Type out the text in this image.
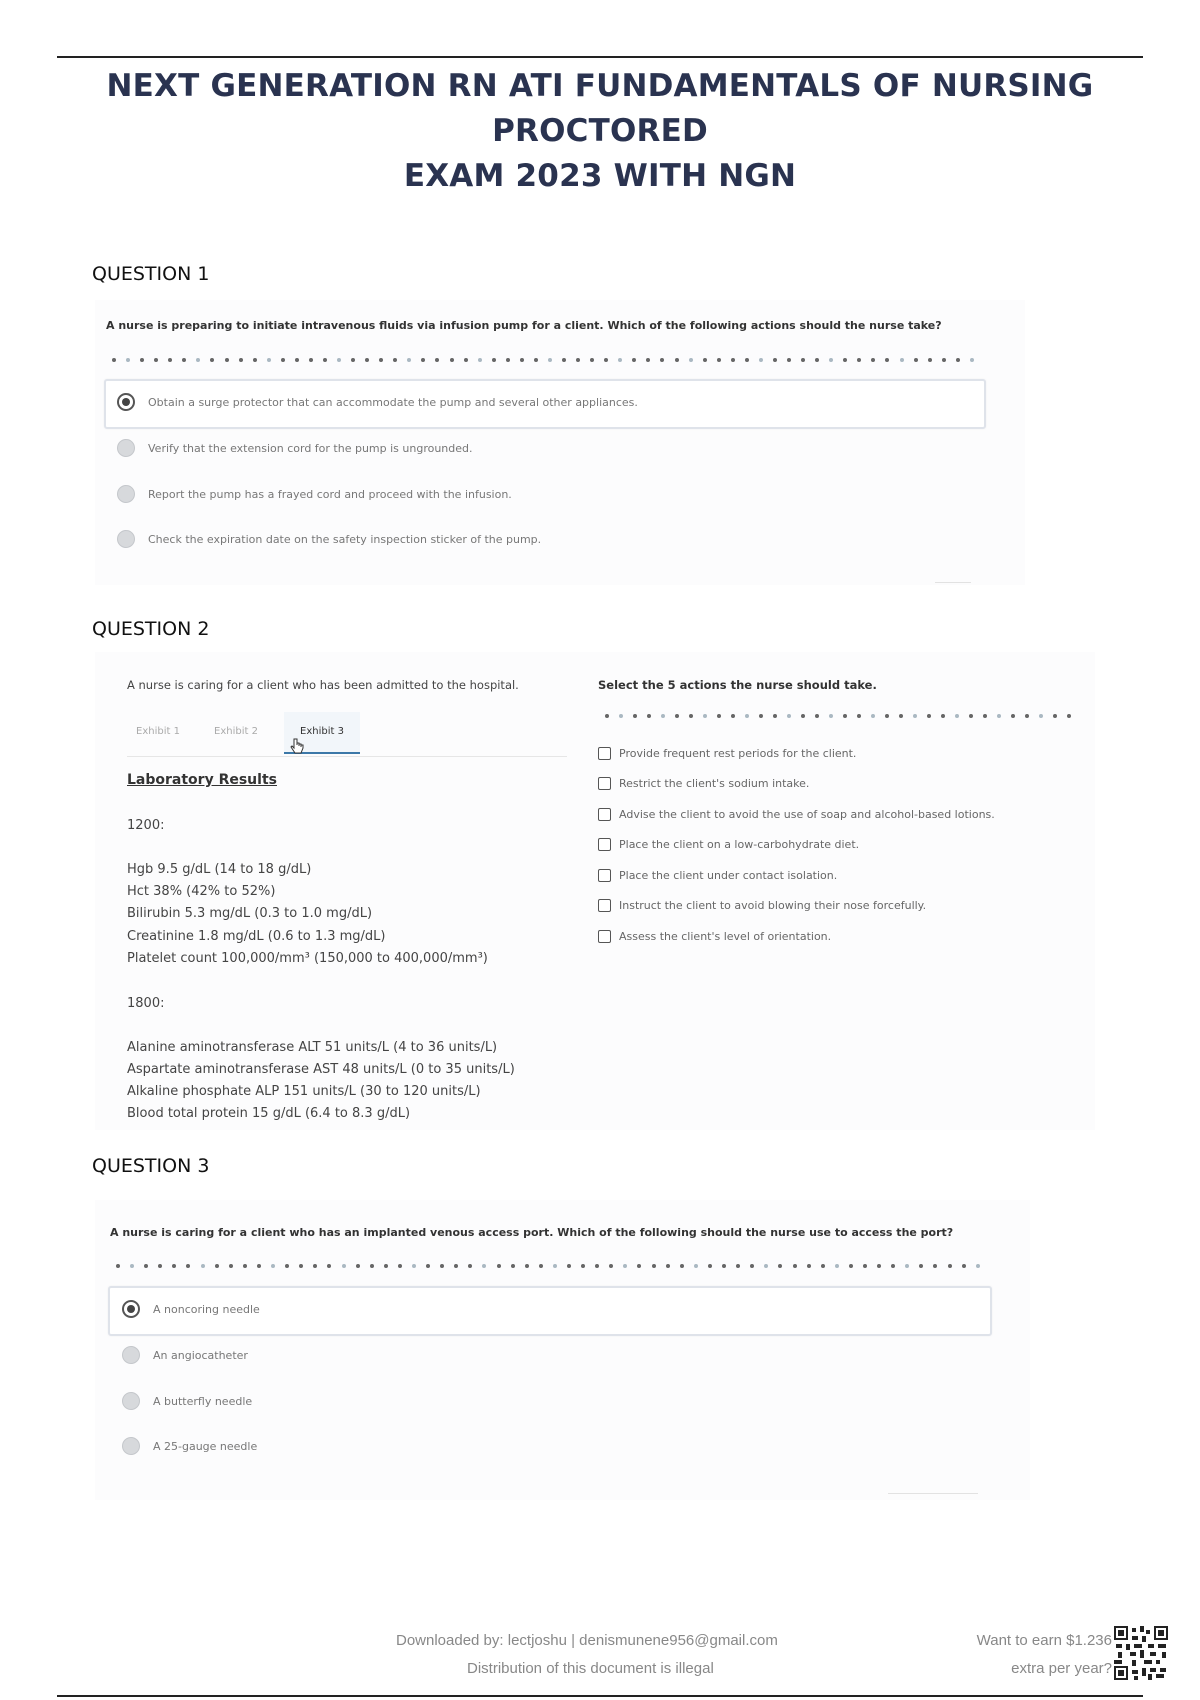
NEXT GENERATION RN ATI FUNDAMENTALS OF NURSING PROCTORED
EXAM 2023 WITH NGN
QUESTION 1
A nurse is preparing to initiate intravenous fluids via infusion pump for a client. Which of the following actions should the nurse take?
Obtain a surge protector that can accommodate the pump and several other appliances.
Verify that the extension cord for the pump is ungrounded.
Report the pump has a frayed cord and proceed with the infusion.
Check the expiration date on the safety inspection sticker of the pump.
QUESTION 2
A nurse is caring for a client who has been admitted to the hospital.
Exhibit 1	Exhibit 2	Exhibit 3
Laboratory Results
1200:
Hgb 9.5 g/dL (14 to 18 g/dL)
Hct 38% (42% to 52%)
Bilirubin 5.3 mg/dL (0.3 to 1.0 mg/dL)
Creatinine 1.8 mg/dL (0.6 to 1.3 mg/dL)
Platelet count 100,000/mm³ (150,000 to 400,000/mm³)
1800:
Alanine aminotransferase ALT 51 units/L (4 to 36 units/L)
Aspartate aminotransferase AST 48 units/L (0 to 35 units/L)
Alkaline phosphate ALP 151 units/L (30 to 120 units/L)
Blood total protein 15 g/dL (6.4 to 8.3 g/dL)
Select the 5 actions the nurse should take.
Provide frequent rest periods for the client.
Restrict the client's sodium intake.
Advise the client to avoid the use of soap and alcohol-based lotions.
Place the client on a low-carbohydrate diet.
Place the client under contact isolation.
Instruct the client to avoid blowing their nose forcefully.
Assess the client's level of orientation.
QUESTION 3
A nurse is caring for a client who has an implanted venous access port. Which of the following should the nurse use to access the port?
A noncoring needle
An angiocatheter
A butterfly needle
A 25-gauge needle
Downloaded by: lectjoshu | denismunene956@gmail.com
Distribution of this document is illegal
Want to earn $1.236
extra per year?
